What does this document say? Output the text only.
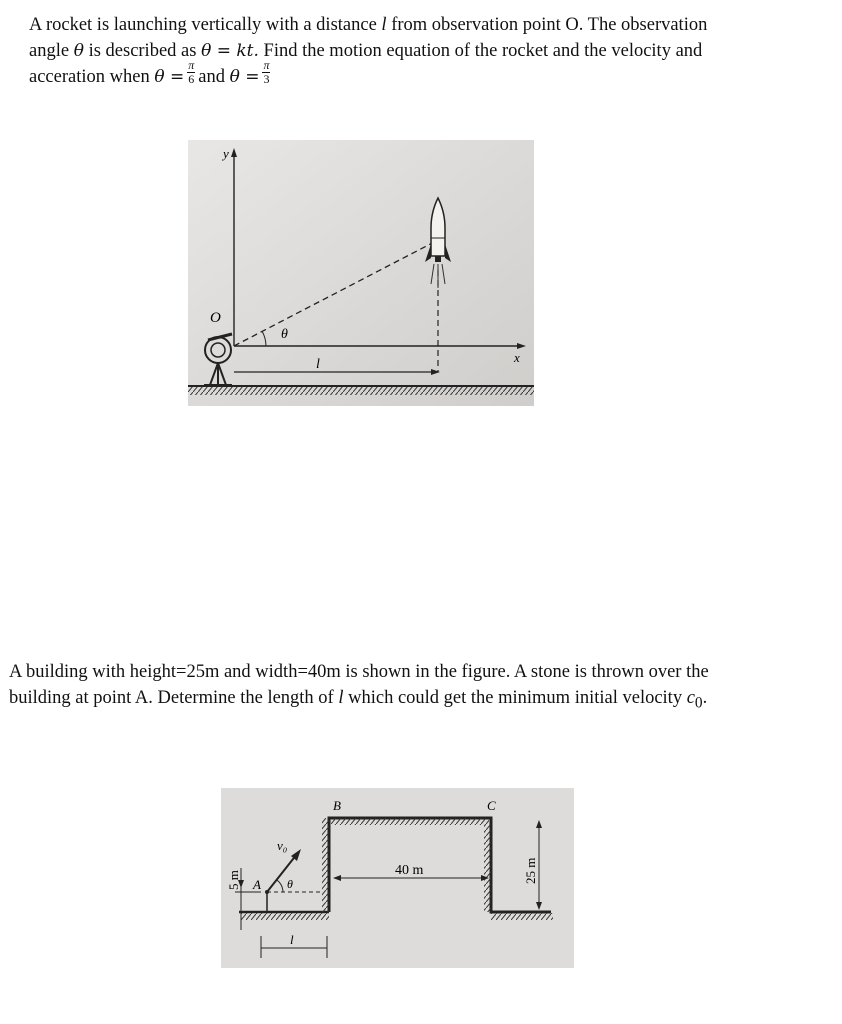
A rocket is launching vertically with a distance l from observation point O. The observation
angle θ is described as θ = kt. Find the motion equation of the rocket and the velocity and
acceration when $\theta = \frac{\pi}{6}$ and $\theta = \frac{\pi}{3}$
y
x
O
θ
l
A building with height=25m and width=40m is shown in the figure. A stone is thrown over the
building at point A. Determine the length of l which could get the minimum initial velocity $c_0$.
B	C
40 m	25 m
5 m A θ
v₀
l
